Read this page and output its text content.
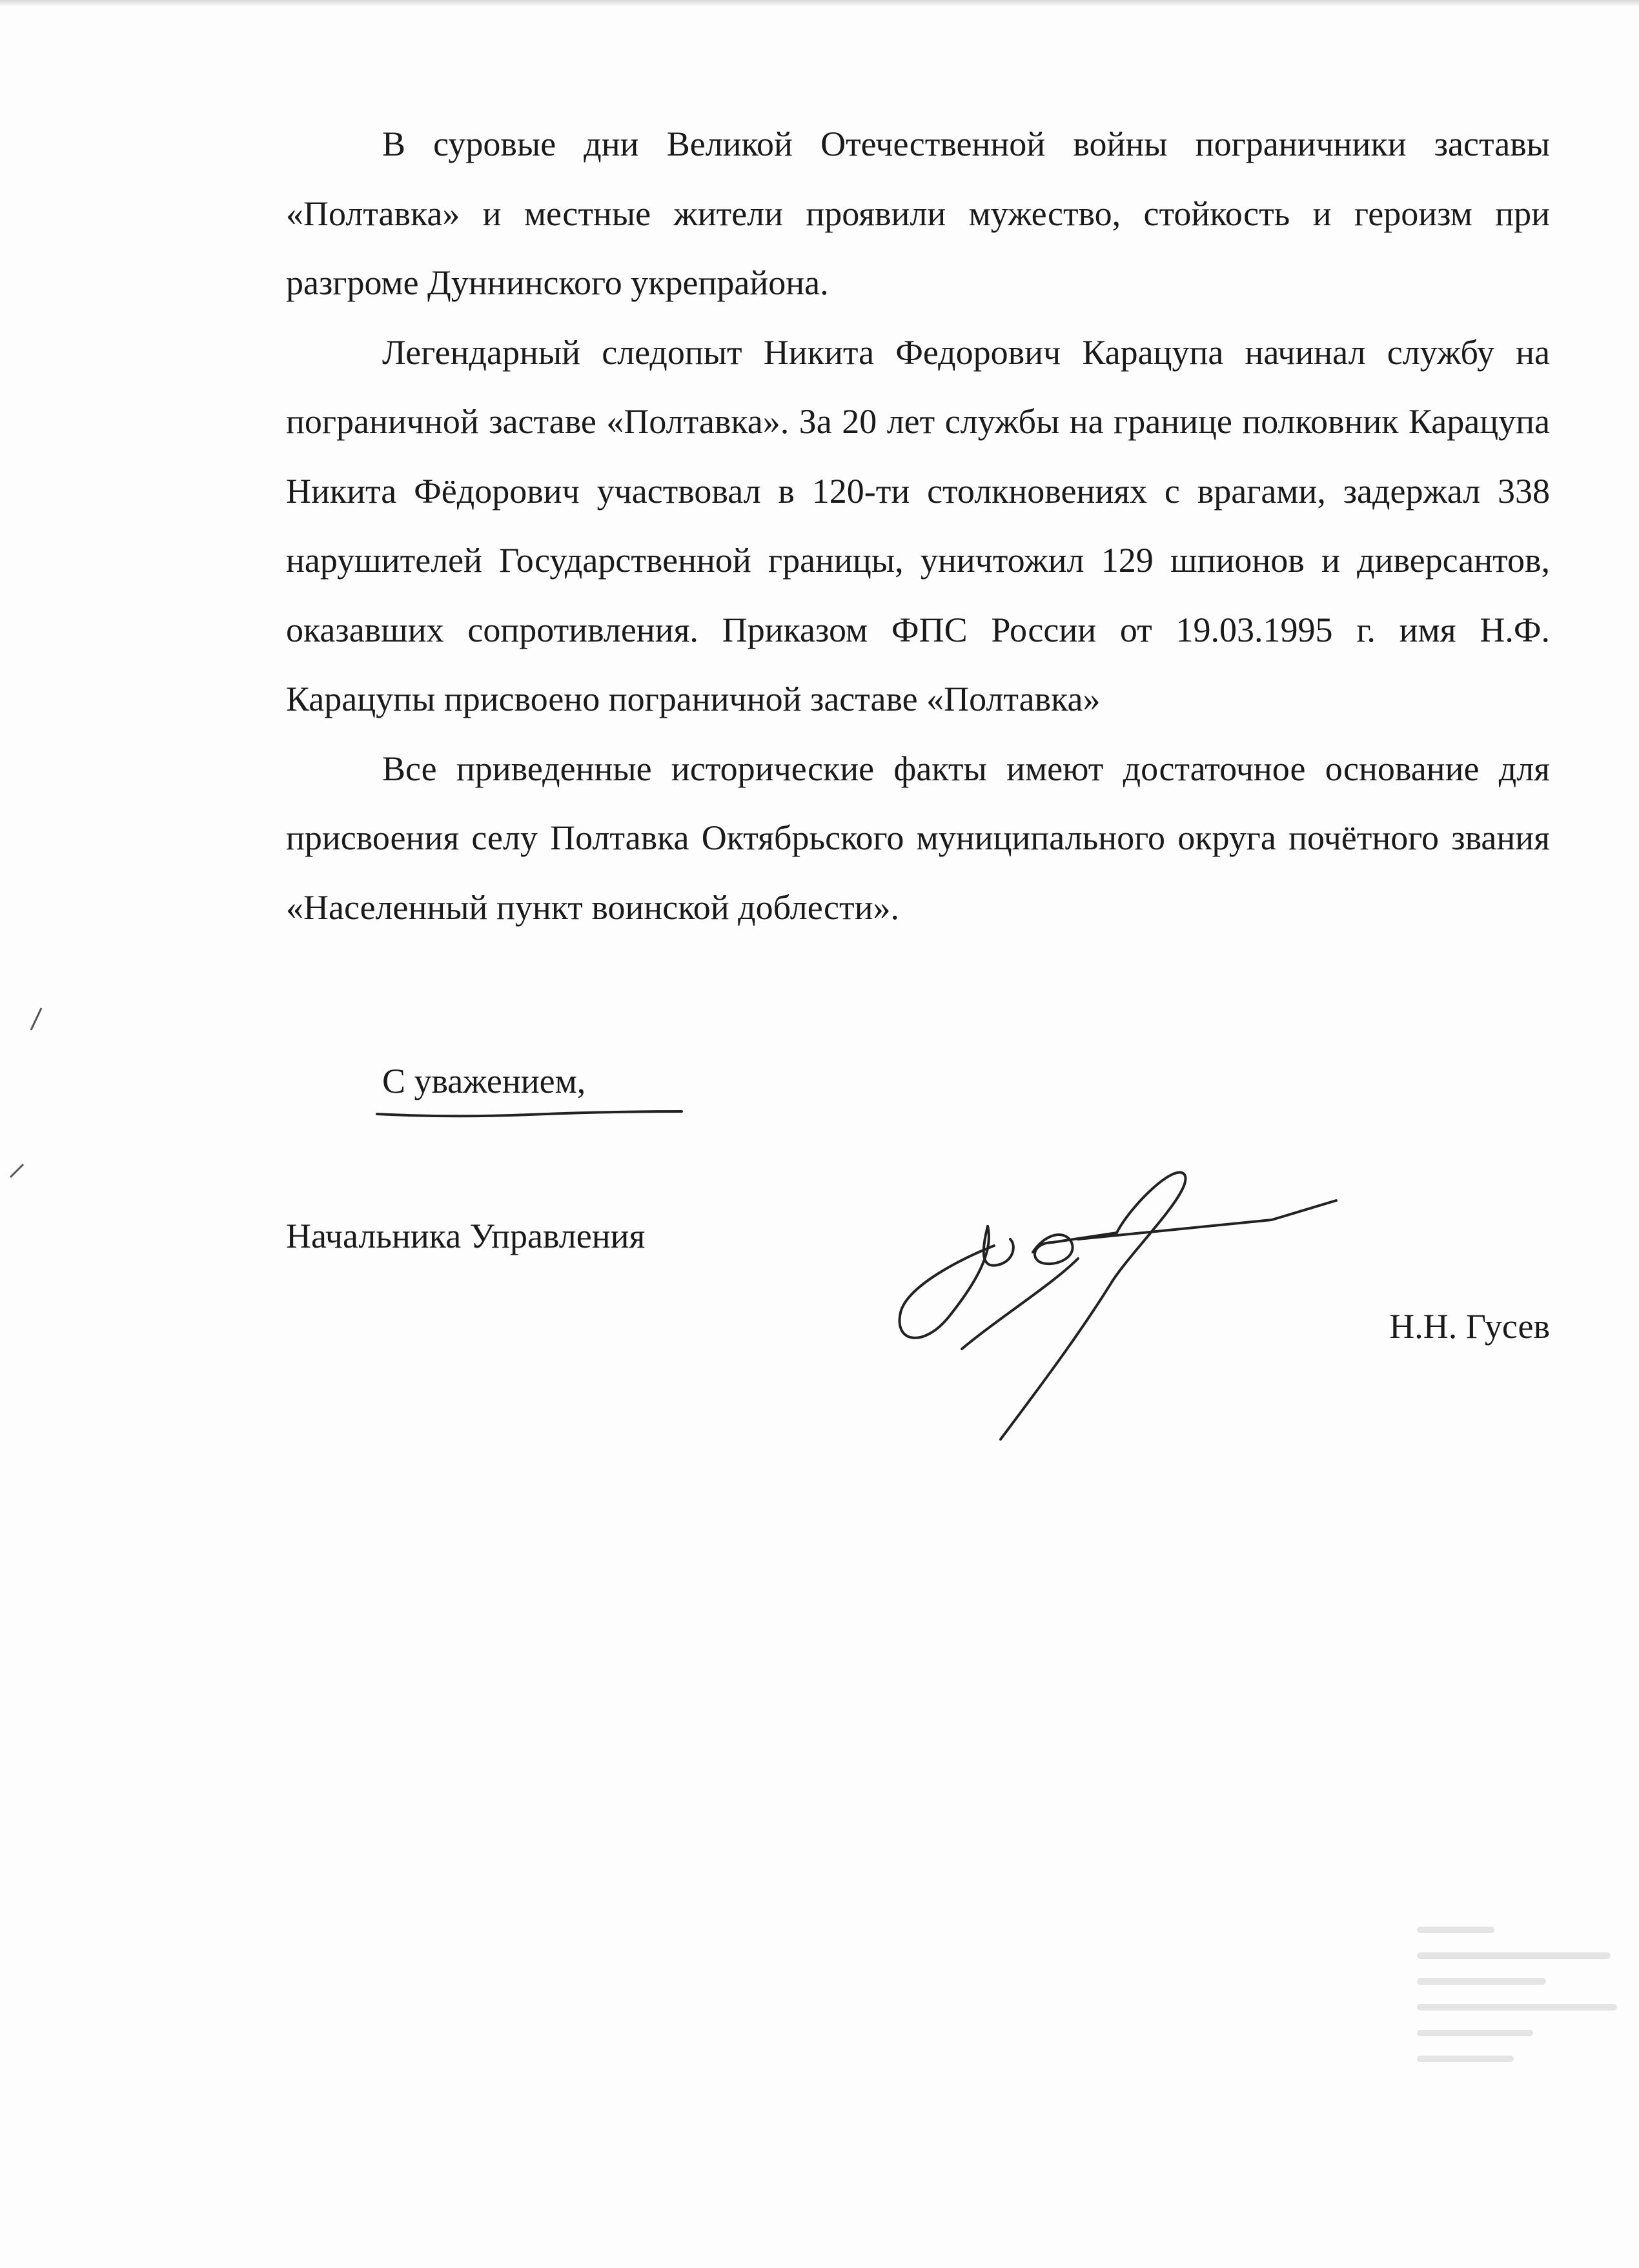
В суровые дни Великой Отечественной войны пограничники заставы «Полтавка» и местные жители проявили мужество, стойкость и героизм при разгроме Дуннинского укрепрайона.

Легендарный следопыт Никита Федорович Карацупа начинал службу на пограничной заставе «Полтавка». За 20 лет службы на границе полковник Карацупа Никита Фёдорович участвовал в 120-ти столкновениях с врагами, задержал 338 нарушителей Государственной границы, уничтожил 129 шпионов и диверсантов, оказавших сопротивления. Приказом ФПС России от 19.03.1995 г. имя Н.Ф. Карацупы присвоено пограничной заставе «Полтавка»

Все приведенные исторические факты имеют достаточное основание для присвоения селу Полтавка Октябрьского муниципального округа почётного звания «Населенный пункт воинской доблести».

С уважением,
Начальника Управления
Н.Н. Гусев
